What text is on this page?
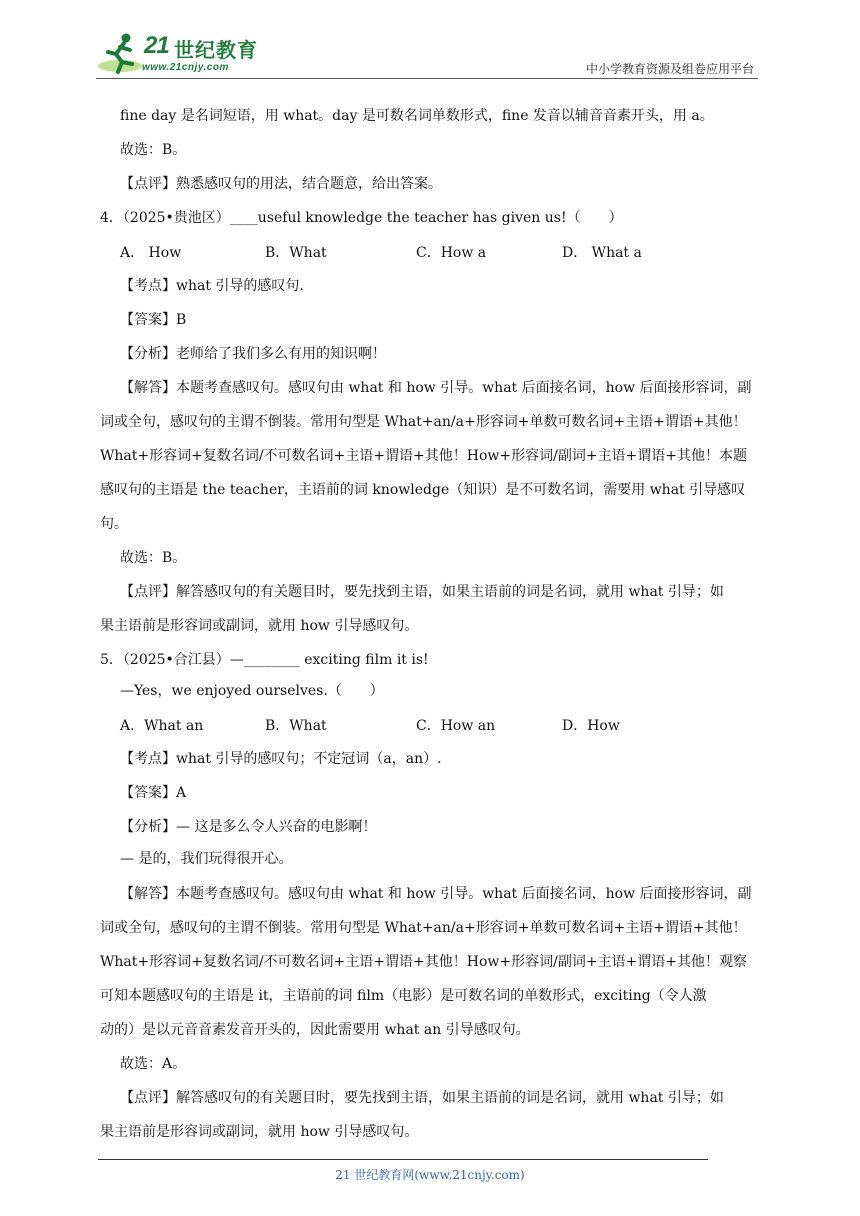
21 世纪教育
www.21cnjy.com	中小学教育资源及组卷应用平台
fine day 是名词短语，用 what。day 是可数名词单数形式，fine 发音以辅音音素开头，用 a。
故选：B。
【点评】熟悉感叹句的用法，结合题意，给出答案。
4．（2025•贵池区）____useful knowledge the teacher has given us!（　　）
A． How	B．What	C．How a	D． What a
【考点】what 引导的感叹句.
【答案】B
【分析】老师给了我们多么有用的知识啊！
【解答】本题考查感叹句。感叹句由 what 和 how 引导。what 后面接名词，how 后面接形容词，副
词或全句，感叹句的主谓不倒装。常用句型是 What+an/a+形容词+单数可数名词+主语+谓语+其他！
What+形容词+复数名词/不可数名词+主语+谓语+其他！How+形容词/副词+主语+谓语+其他！本题
感叹句的主语是 the teacher，主语前的词 knowledge（知识）是不可数名词，需要用 what 引导感叹
句。
故选：B。
【点评】解答感叹句的有关题目时，要先找到主语，如果主语前的词是名词，就用 what 引导；如
果主语前是形容词或副词，就用 how 引导感叹句。
5．（2025•合江县）—________ exciting film it is!
—Yes，we enjoyed ourselves.（　　）
A．What an	B．What	C．How an	D．How
【考点】what 引导的感叹句；不定冠词（a，an）.
【答案】A
【分析】— 这是多么令人兴奋的电影啊！
— 是的，我们玩得很开心。
【解答】本题考查感叹句。感叹句由 what 和 how 引导。what 后面接名词，how 后面接形容词，副
词或全句，感叹句的主谓不倒装。常用句型是 What+an/a+形容词+单数可数名词+主语+谓语+其他！
What+形容词+复数名词/不可数名词+主语+谓语+其他！How+形容词/副词+主语+谓语+其他！观察
可知本题感叹句的主语是 it，主语前的词 film（电影）是可数名词的单数形式，exciting（令人激
动的）是以元音音素发音开头的，因此需要用 what an 引导感叹句。
故选：A。
【点评】解答感叹句的有关题目时，要先找到主语，如果主语前的词是名词，就用 what 引导；如
果主语前是形容词或副词，就用 how 引导感叹句。
21 世纪教育网(www.21cnjy.com)
